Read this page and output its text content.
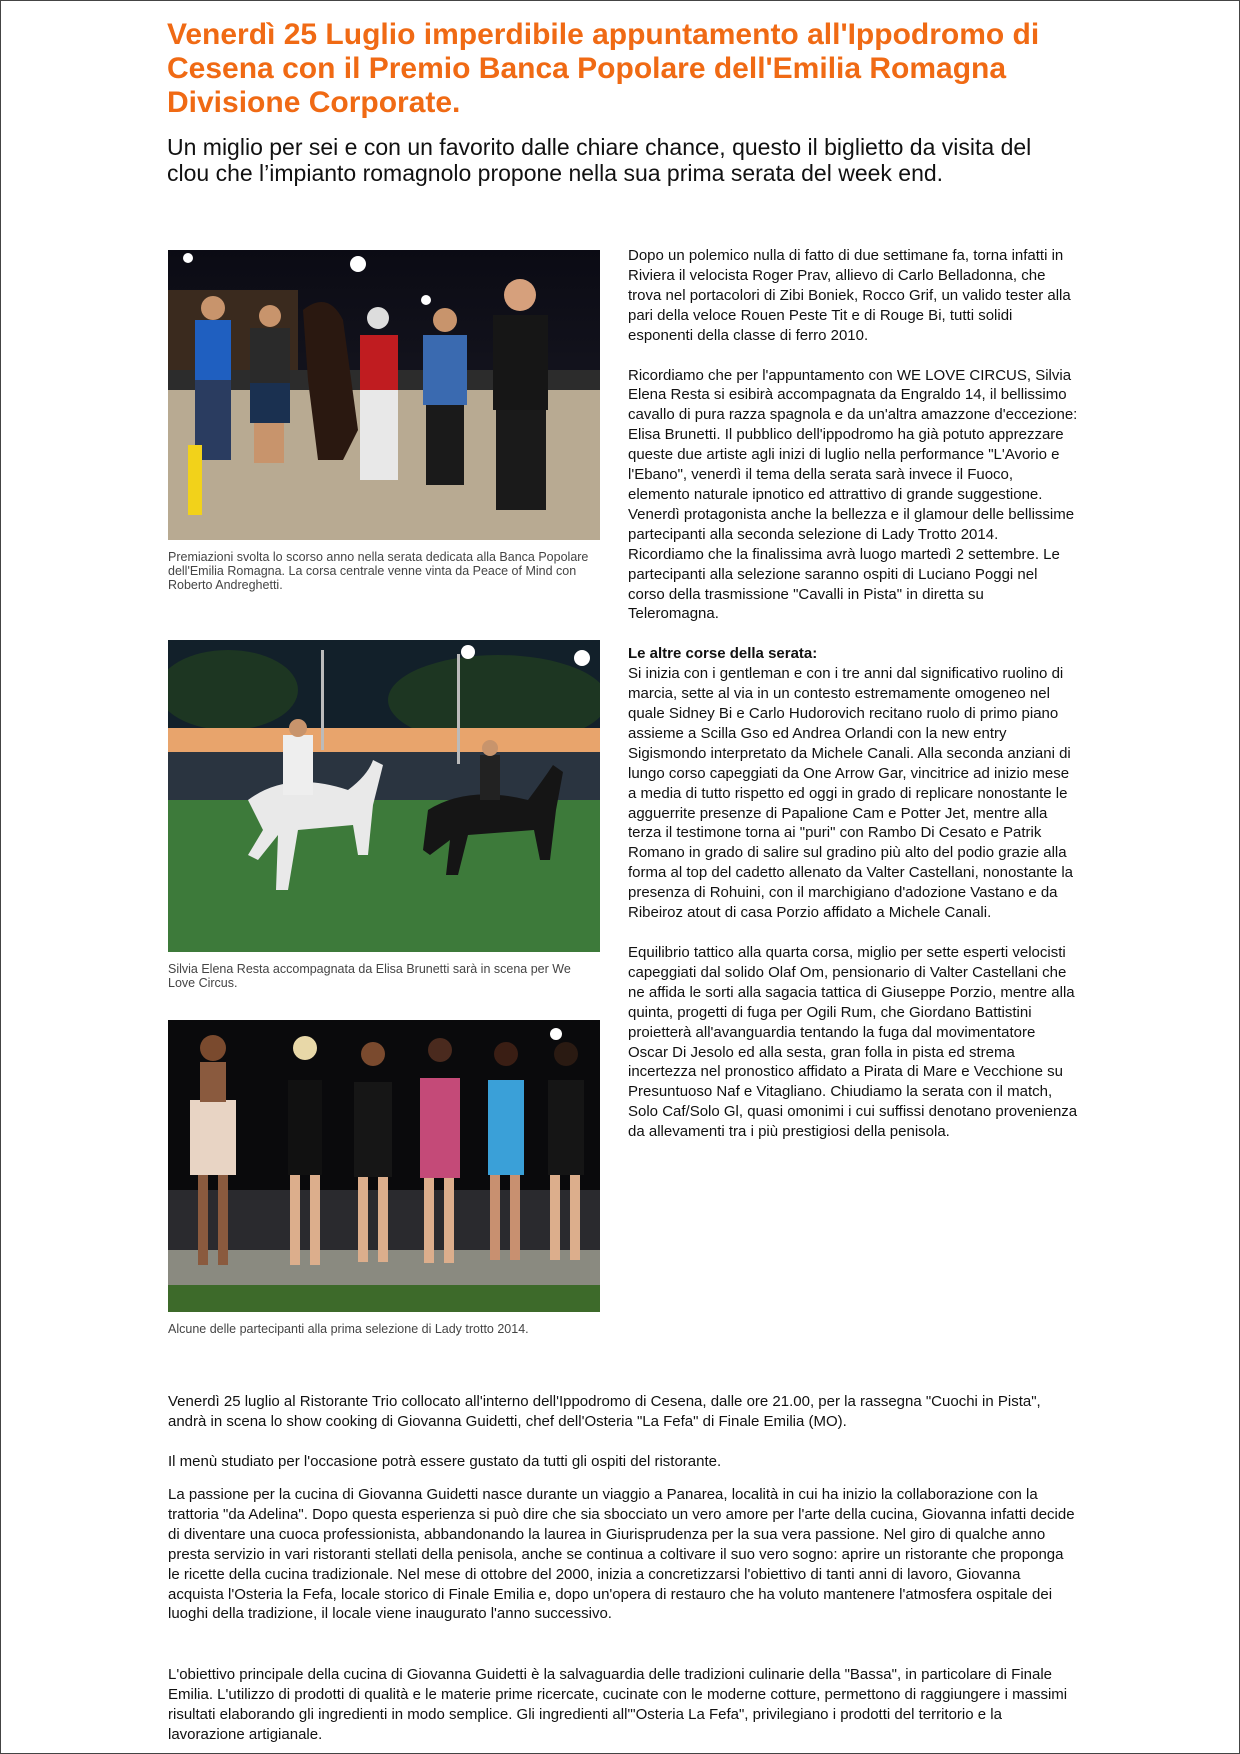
Venerdì 25 Luglio imperdibile appuntamento all'Ippodromo di Cesena con il Premio Banca Popolare dell'Emilia Romagna Divisione Corporate.

Un miglio per sei e con un favorito dalle chiare chance, questo il biglietto da visita del clou che l’impianto romagnolo propone nella sua prima serata del week end.

Premiazioni svolta lo scorso anno nella serata dedicata alla Banca Popolare dell'Emilia Romagna. La corsa centrale venne vinta da Peace of Mind con Roberto Andreghetti.

Silvia Elena Resta accompagnata da Elisa Brunetti sarà in scena per We Love Circus.

Alcune delle partecipanti alla prima selezione di Lady trotto 2014.

Dopo un polemico nulla di fatto di due settimane fa, torna infatti in Riviera il velocista Roger Prav, allievo di Carlo Belladonna, che trova nel portacolori di Zibi Boniek, Rocco Grif, un valido tester alla pari della veloce Rouen Peste Tit e di Rouge Bi, tutti solidi esponenti della classe di ferro 2010.

Ricordiamo che per l'appuntamento con WE LOVE CIRCUS, Silvia Elena Resta si esibirà accompagnata da Engraldo 14, il bellissimo cavallo di pura razza spagnola e da un'altra amazzone d'eccezione: Elisa Brunetti. Il pubblico dell'ippodromo ha già potuto apprezzare queste due artiste agli inizi di luglio nella performance "L'Avorio e l'Ebano", venerdì il tema della serata sarà invece il Fuoco, elemento naturale ipnotico ed attrattivo di grande suggestione. Venerdì protagonista anche la bellezza e il glamour delle bellissime partecipanti alla seconda selezione di Lady Trotto 2014. Ricordiamo che la finalissima avrà luogo martedì 2 settembre. Le partecipanti alla selezione saranno ospiti di Luciano Poggi nel corso della trasmissione "Cavalli in Pista" in diretta su Teleromagna.

Le altre corse della serata:
Si inizia con i gentleman e con i tre anni dal significativo ruolino di marcia, sette al via in un contesto estremamente omogeneo nel quale Sidney Bi e Carlo Hudorovich recitano ruolo di primo piano assieme a Scilla Gso ed Andrea Orlandi con la new entry Sigismondo interpretato da Michele Canali. Alla seconda anziani di lungo corso capeggiati da One Arrow Gar, vincitrice ad inizio mese a media di tutto rispetto ed oggi in grado di replicare nonostante le agguerrite presenze di Papalione Cam e Potter Jet, mentre alla terza il testimone torna ai "puri" con Rambo Di Cesato e Patrik Romano in grado di salire sul gradino più alto del podio grazie alla forma al top del cadetto allenato da Valter Castellani, nonostante la presenza di Rohuini, con il marchigiano d'adozione Vastano e da Ribeiroz atout di casa Porzio affidato a Michele Canali.

Equilibrio tattico alla quarta corsa, miglio per sette esperti velocisti capeggiati dal solido Olaf Om, pensionario di Valter Castellani che ne affida le sorti alla sagacia tattica di Giuseppe Porzio, mentre alla quinta, progetti di fuga per Ogili Rum, che Giordano Battistini proietterà all'avanguardia tentando la fuga dal movimentatore Oscar Di Jesolo ed alla sesta, gran folla in pista ed strema incertezza nel pronostico affidato a Pirata di Mare e Vecchione su Presuntuoso Naf e Vitagliano. Chiudiamo la serata con il match, Solo Caf/Solo Gl, quasi omonimi i cui suffissi denotano provenienza da allevamenti tra i più prestigiosi della penisola.

Venerdì 25 luglio al Ristorante Trio collocato all'interno dell'Ippodromo di Cesena, dalle ore 21.00, per la rassegna "Cuochi in Pista", andrà in scena lo show cooking di Giovanna Guidetti, chef dell'Osteria "La Fefa" di Finale Emilia (MO).

Il menù studiato per l'occasione potrà essere gustato da tutti gli ospiti del ristorante.

La passione per la cucina di Giovanna Guidetti nasce durante un viaggio a Panarea, località in cui ha inizio la collaborazione con la trattoria "da Adelina". Dopo questa esperienza si può dire che sia sbocciato un vero amore per l'arte della cucina, Giovanna infatti decide di diventare una cuoca professionista, abbandonando la laurea in Giurisprudenza per la sua vera passione. Nel giro di qualche anno presta servizio in vari ristoranti stellati della penisola, anche se continua a coltivare il suo vero sogno: aprire un ristorante che proponga le ricette della cucina tradizionale. Nel mese di ottobre del 2000, inizia a concretizzarsi l'obiettivo di tanti anni di lavoro, Giovanna acquista l'Osteria la Fefa, locale storico di Finale Emilia e, dopo un'opera di restauro che ha voluto mantenere l'atmosfera ospitale dei luoghi della tradizione, il locale viene inaugurato l'anno successivo.

L'obiettivo principale della cucina di Giovanna Guidetti è la salvaguardia delle tradizioni culinarie della "Bassa", in particolare di Finale Emilia. L'utilizzo di prodotti di qualità e le materie prime ricercate, cucinate con le moderne cotture, permettono di raggiungere i massimi risultati elaborando gli ingredienti in modo semplice. Gli ingredienti all'"Osteria La Fefa", privilegiano i prodotti del territorio e la lavorazione artigianale.
